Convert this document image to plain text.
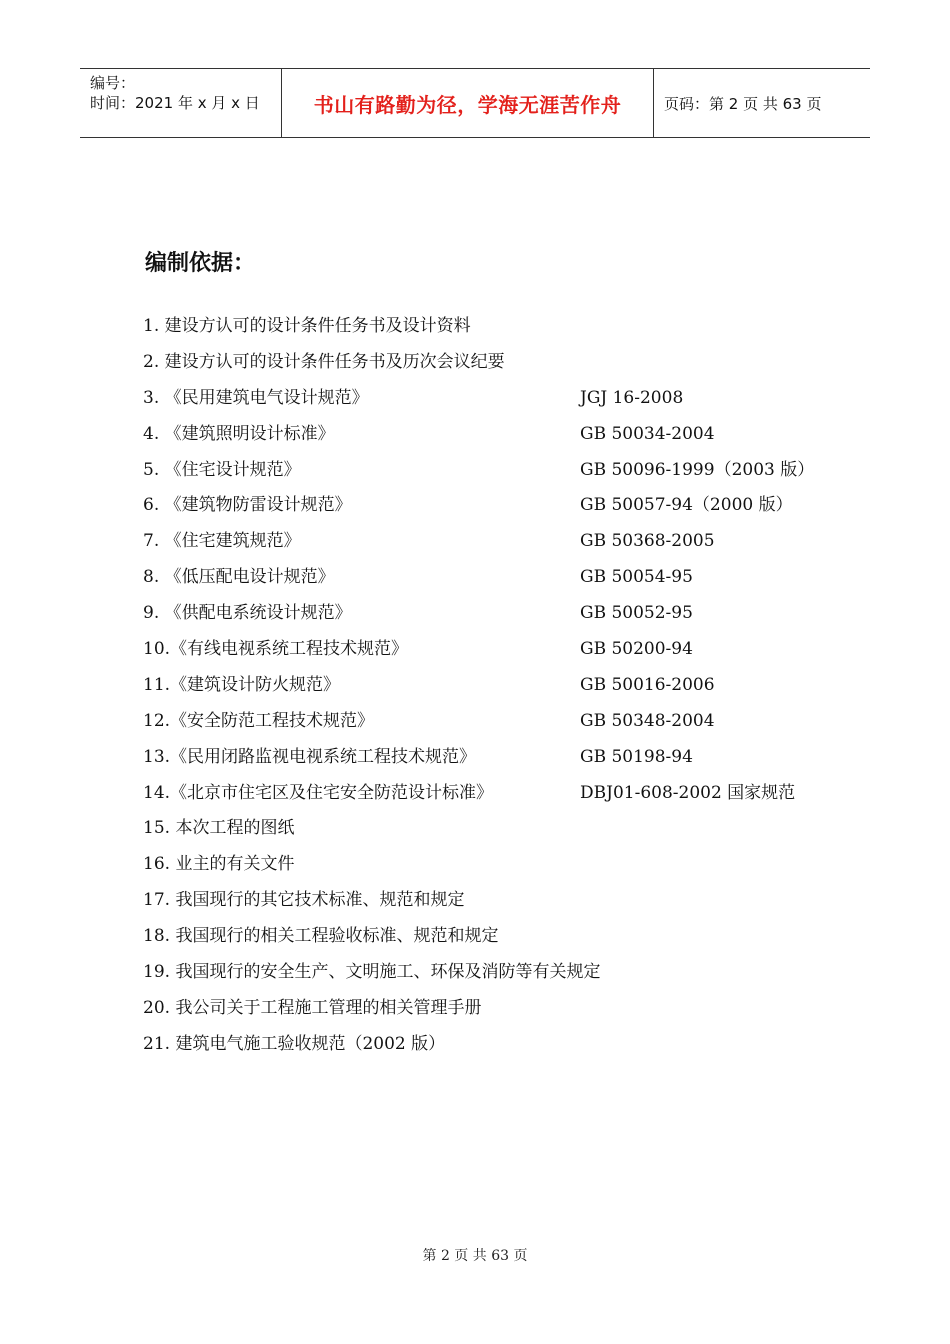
编号：
时间：2021 年 x 月 x 日	书山有路勤为径，学海无涯苦作舟	页码：第 2 页 共 63 页
编制依据：
1. 建设方认可的设计条件任务书及设计资料
2. 建设方认可的设计条件任务书及历次会议纪要
3. 《民用建筑电气设计规范》	JGJ 16-2008
4. 《建筑照明设计标准》	GB 50034-2004
5. 《住宅设计规范》	GB 50096-1999（2003 版）
6. 《建筑物防雷设计规范》	GB 50057-94（2000 版）
7. 《住宅建筑规范》	GB 50368-2005
8. 《低压配电设计规范》	GB 50054-95
9. 《供配电系统设计规范》	GB 50052-95
10.《有线电视系统工程技术规范》	GB 50200-94
11.《建筑设计防火规范》	GB 50016-2006
12.《安全防范工程技术规范》	GB 50348-2004
13.《民用闭路监视电视系统工程技术规范》	GB 50198-94
14.《北京市住宅区及住宅安全防范设计标准》	DBJ01-608-2002 国家规范
15. 本次工程的图纸
16. 业主的有关文件
17. 我国现行的其它技术标准、规范和规定
18. 我国现行的相关工程验收标准、规范和规定
19. 我国现行的安全生产、文明施工、环保及消防等有关规定
20. 我公司关于工程施工管理的相关管理手册
21. 建筑电气施工验收规范（2002 版）
第 2 页 共 63 页
